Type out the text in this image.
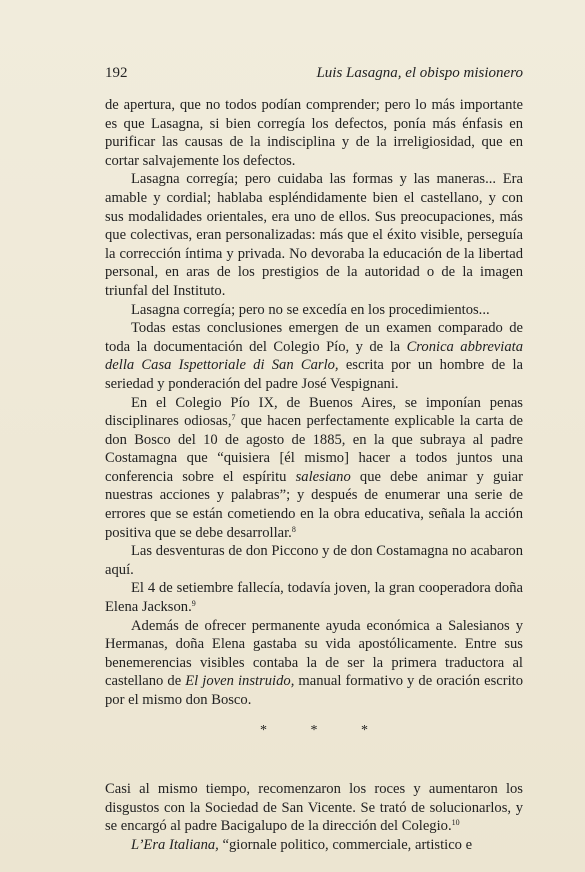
192	Luis Lasagna, el obispo misionero

de apertura, que no todos podían comprender; pero lo más importante es que Lasagna, si bien corregía los defectos, ponía más énfasis en purificar las causas de la indisciplina y de la irreligiosidad, que en cortar salvajemente los defectos.

Lasagna corregía; pero cuidaba las formas y las maneras... Era amable y cordial; hablaba espléndidamente bien el castellano, y con sus modalidades orientales, era uno de ellos. Sus preocupaciones, más que colectivas, eran personalizadas: más que el éxito visible, perseguía la corrección íntima y privada. No devoraba la educación de la libertad personal, en aras de los prestigios de la autoridad o de la imagen triunfal del Instituto.

Lasagna corregía; pero no se excedía en los procedimientos...

Todas estas conclusiones emergen de un examen comparado de toda la documentación del Colegio Pío, y de la Cronica abbreviata della Casa Ispettoriale di San Carlo, escrita por un hombre de la seriedad y ponderación del padre José Vespignani.

En el Colegio Pío IX, de Buenos Aires, se imponían penas disciplinares odiosas,$^7$ que hacen perfectamente explicable la carta de don Bosco del 10 de agosto de 1885, en la que subraya al padre Costamagna que “quisiera [él mismo] hacer a todos juntos una conferencia sobre el espíritu salesiano que debe animar y guiar nuestras acciones y palabras”; y después de enumerar una serie de errores que se están cometiendo en la obra educativa, señala la acción positiva que se debe desarrollar.$^8$

Las desventuras de don Piccono y de don Costamagna no acabaron aquí.

El 4 de setiembre fallecía, todavía joven, la gran cooperadora doña Elena Jackson.$^9$

Además de ofrecer permanente ayuda económica a Salesianos y Hermanas, doña Elena gastaba su vida apostólicamente. Entre sus benemerencias visibles contaba la de ser la primera traductora al castellano de El joven instruido, manual formativo y de oración escrito por el mismo don Bosco.

*	*	*

Casi al mismo tiempo, recomenzaron los roces y aumentaron los disgustos con la Sociedad de San Vicente. Se trató de solucionarlos, y se encargó al padre Bacigalupo de la dirección del Colegio.$^{10}$

L’Era Italiana, “giornale politico, commerciale, artistico e
